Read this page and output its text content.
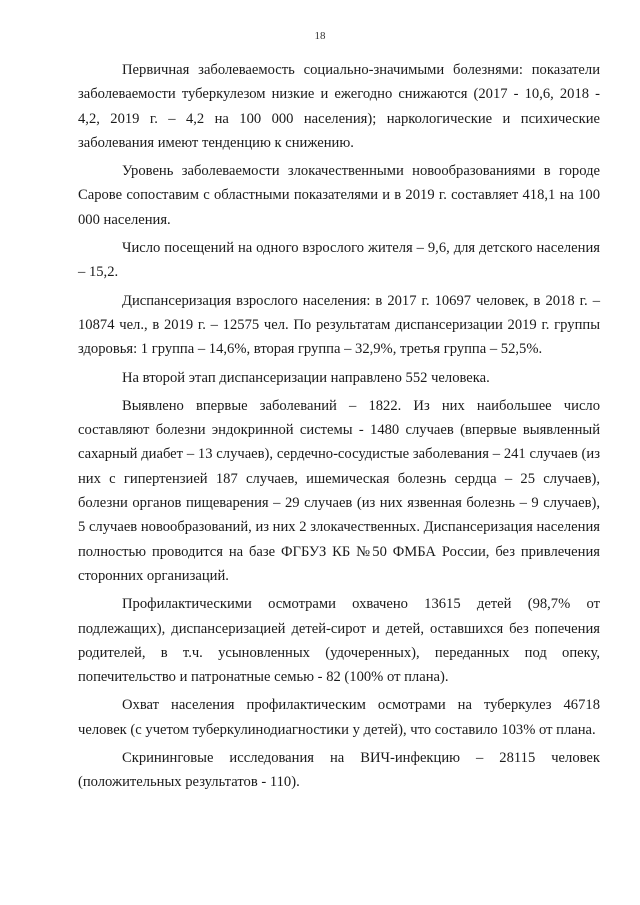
18

Первичная заболеваемость социально-значимыми болезнями: показатели заболеваемости туберкулезом низкие и ежегодно снижаются (2017 - 10,6, 2018 - 4,2, 2019 г. – 4,2 на 100 000 населения); наркологические и психические заболевания имеют тенденцию к снижению.

Уровень заболеваемости злокачественными новообразованиями в городе Сарове сопоставим с областными показателями и в 2019 г. составляет 418,1 на 100 000 населения.

Число посещений на одного взрослого жителя – 9,6, для детского населения – 15,2.

Диспансеризация взрослого населения: в 2017 г. 10697 человек, в 2018 г. – 10874 чел., в 2019 г. – 12575 чел. По результатам диспансеризации 2019 г. группы здоровья: 1 группа – 14,6%, вторая группа – 32,9%, третья группа – 52,5%.

На второй этап диспансеризации направлено 552 человека.

Выявлено впервые заболеваний – 1822. Из них наибольшее число составляют болезни эндокринной системы - 1480 случаев (впервые выявленный сахарный диабет – 13 случаев), сердечно-сосудистые заболевания – 241 случаев (из них с гипертензией 187 случаев, ишемическая болезнь сердца – 25 случаев), болезни органов пищеварения – 29 случаев (из них язвенная болезнь – 9 случаев), 5 случаев новообразований, из них 2 злокачественных. Диспансеризация населения полностью проводится на базе ФГБУЗ КБ №50 ФМБА России, без привлечения сторонних организаций.

Профилактическими осмотрами охвачено 13615 детей (98,7% от подлежащих), диспансеризацией детей-сирот и детей, оставшихся без попечения родителей, в т.ч. усыновленных (удочеренных), переданных под опеку, попечительство и патронатные семью - 82 (100% от плана).

Охват населения профилактическим осмотрами на туберкулез 46718 человек (с учетом туберкулинодиагностики у детей), что составило 103% от плана.

Скрининговые исследования на ВИЧ-инфекцию – 28115 человек (положительных результатов - 110).
